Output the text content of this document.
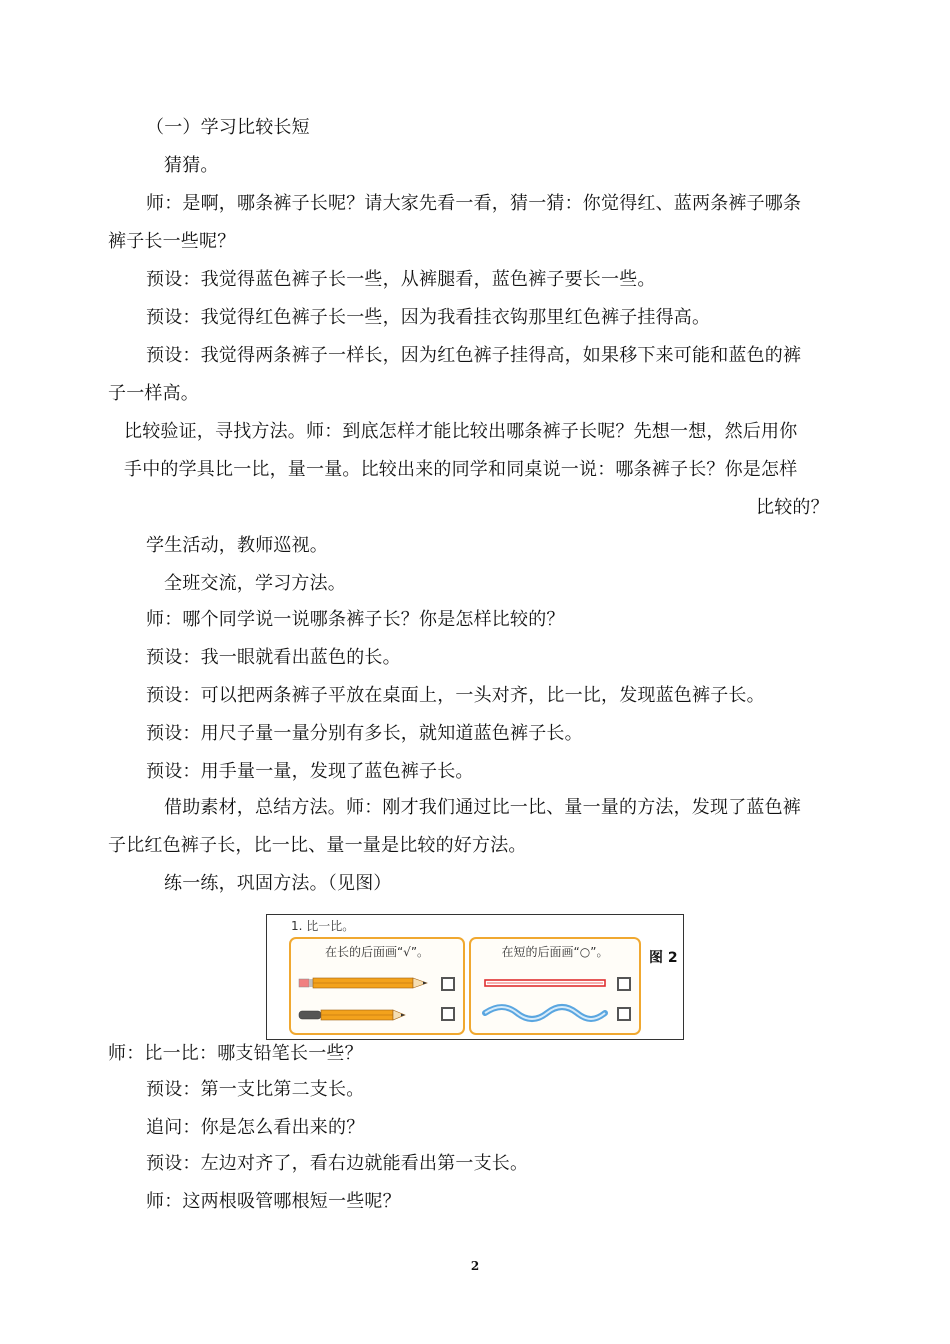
（一）学习比较长短
猜猜。
师：是啊，哪条裤子长呢？请大家先看一看，猜一猜：你觉得红、蓝两条裤子哪条
裤子长一些呢？
预设：我觉得蓝色裤子长一些，从裤腿看，蓝色裤子要长一些。
预设：我觉得红色裤子长一些，因为我看挂衣钩那里红色裤子挂得高。
预设：我觉得两条裤子一样长，因为红色裤子挂得高，如果移下来可能和蓝色的裤
子一样高。
比较验证，寻找方法。师：到底怎样才能比较出哪条裤子长呢？先想一想，然后用你
手中的学具比一比，量一量。比较出来的同学和同桌说一说：哪条裤子长？你是怎样
比较的？
学生活动，教师巡视。
全班交流，学习方法。
师：哪个同学说一说哪条裤子长？你是怎样比较的？
预设：我一眼就看出蓝色的长。
预设：可以把两条裤子平放在桌面上，一头对齐，比一比，发现蓝色裤子长。
预设：用尺子量一量分别有多长，就知道蓝色裤子长。
预设：用手量一量，发现了蓝色裤子长。
借助素材，总结方法。师：刚才我们通过比一比、量一量的方法，发现了蓝色裤
子比红色裤子长，比一比、量一量是比较的好方法。
练一练，巩固方法。（见图）
1. 比一比。
在长的后面画“√”。	在短的后面画“○”。	图 2
师：比一比：哪支铅笔长一些？
预设：第一支比第二支长。
追问：你是怎么看出来的？
预设：左边对齐了，看右边就能看出第一支长。
师：这两根吸管哪根短一些呢？
2
